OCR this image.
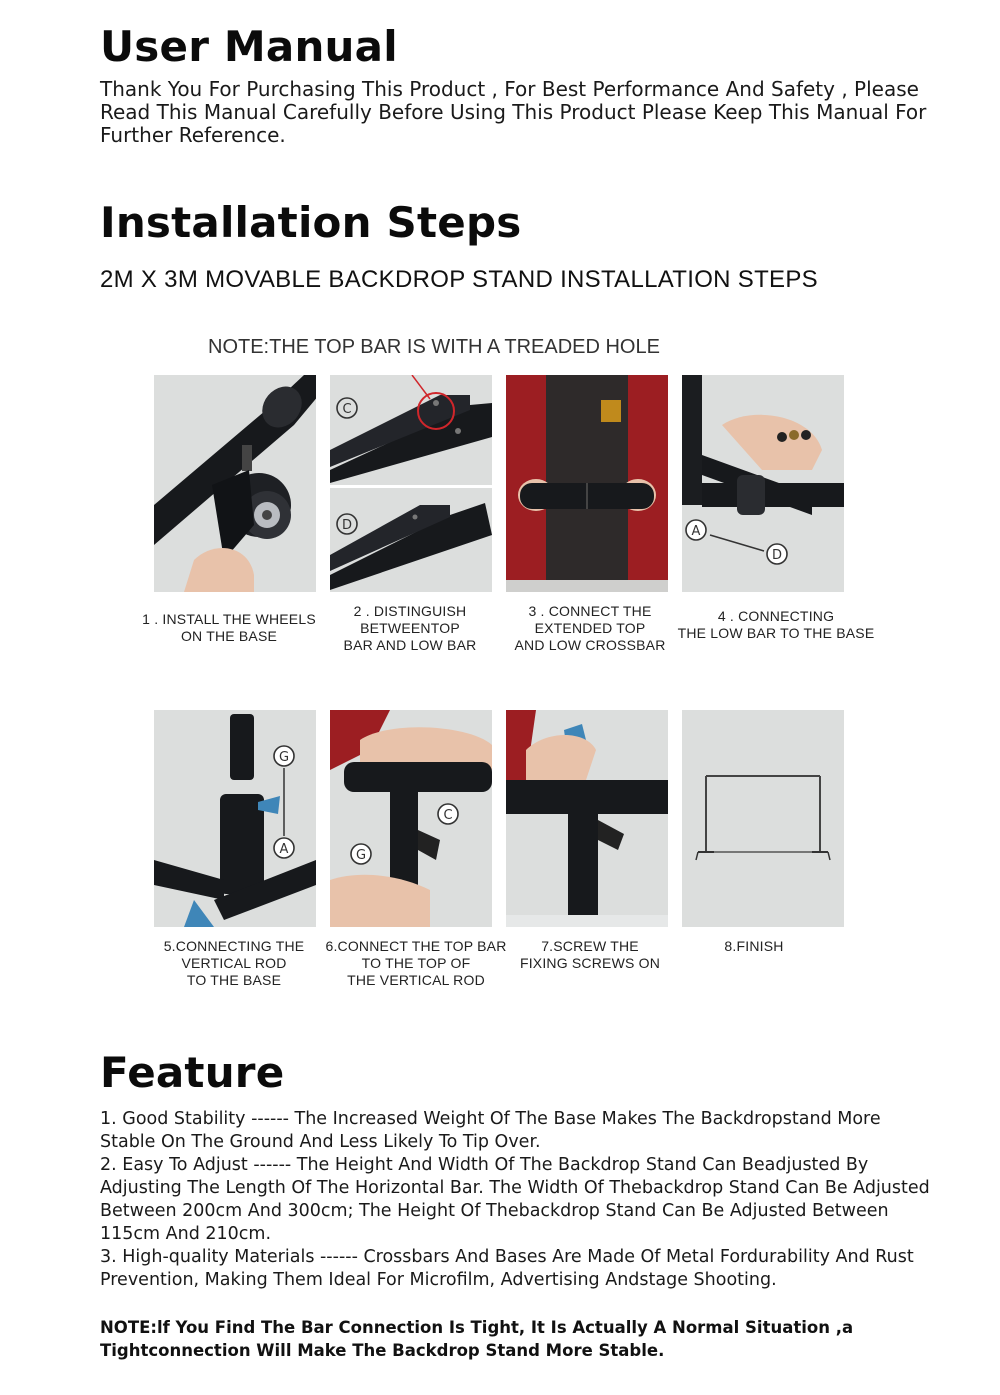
User Manual
Thank You For Purchasing This Product , For Best Performance And Safety , Please Read This Manual Carefully Before Using This Product Please Keep This Manual For Further Reference.
Installation Steps
2M X 3M MOVABLE BACKDROP STAND INSTALLATION STEPS
NOTE:THE TOP BAR IS WITH A TREADED HOLE
C
D	A
D
1 . INSTALL THE WHEELS
ON THE BASE
2 . DISTINGUISH
BETWEENTOP
BAR AND LOW BAR
3 . CONNECT THE
EXTENDED TOP
AND LOW CROSSBAR
4 . CONNECTING
THE LOW BAR TO THE BASE
G
A
C
G
5.CONNECTING THE
VERTICAL ROD
TO THE BASE
6.CONNECT THE TOP BAR
TO THE TOP OF
THE VERTICAL ROD
7.SCREW THE
FIXING SCREWS ON
8.FINISH
Feature

1. Good Stability ------ The Increased Weight Of The Base Makes The Backdropstand More Stable On The Ground And Less Likely To Tip Over.

2. Easy To Adjust ------ The Height And Width Of The Backdrop Stand Can Beadjusted By Adjusting The Length Of The Horizontal Bar. The Width Of Thebackdrop Stand Can Be Adjusted Between 200cm And 300cm; The Height Of Thebackdrop Stand Can Be Adjusted Between 115cm And 210cm.

3. High-quality Materials ------ Crossbars And Bases Are Made Of Metal Fordurability And Rust Prevention, Making Them Ideal For Microfilm, Advertising Andstage Shooting.

NOTE:lf You Find The Bar Connection Is Tight, It Is Actually A Normal Situation ,a Tightconnection Will Make The Backdrop Stand More Stable.
